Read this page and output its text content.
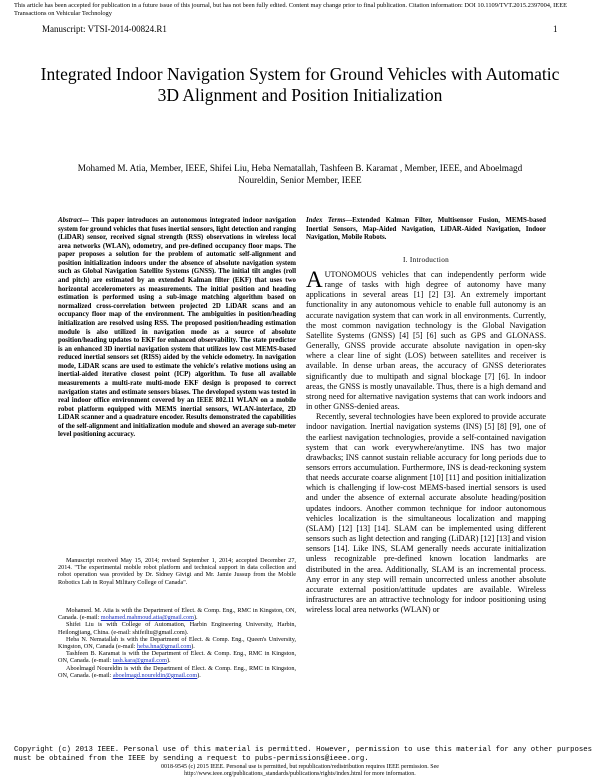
This article has been accepted for publication in a future issue of this journal, but has not been fully edited. Content may change prior to final publication. Citation information: DOI 10.1109/TVT.2015.2397004, IEEE Transactions on Vehicular Technology
Manuscript: VTSI-2014-00824.R1	1
Integrated Indoor Navigation System for Ground Vehicles with Automatic 3D Alignment and Position Initialization
Mohamed M. Atia, Member, IEEE, Shifei Liu, Heba Nematallah, Tashfeen B. Karamat , Member, IEEE, and Aboelmagd Noureldin, Senior Member, IEEE
Abstract— This paper introduces an autonomous integrated indoor navigation system for ground vehicles that fuses inertial sensors, light detection and ranging (LiDAR) sensor, received signal strength (RSS) observations in wireless local area networks (WLAN), odometry, and pre-defined occupancy floor maps. The paper proposes a solution for the problem of automatic self-alignment and position initialization indoors under the absence of absolute navigation system such as Global Navigation Satellite Systems (GNSS). The initial tilt angles (roll and pitch) are estimated by an extended Kalman filter (EKF) that uses two horizontal accelerometers as measurements. The initial position and heading estimation is performed using a sub-image matching algorithm based on normalized cross-correlation between projected 2D LiDAR scans and an occupancy floor map of the environment. The ambiguities in position/heading initialization are resolved using RSS. The proposed position/heading estimation module is also utilized in navigation mode as a source of absolute position/heading updates to EKF for enhanced observability. The state predictor is an enhanced 3D inertial navigation system that utilizes low cost MEMS-based reduced inertial sensors set (RISS) aided by the vehicle odometry. In navigation mode, LiDAR scans are used to estimate the vehicle's relative motions using an inertial-aided iterative closest point (ICP) algorithm. To fuse all available measurements a multi-rate multi-mode EKF design is proposed to correct navigation states and estimate sensors biases. The developed system was tested in real indoor office environment covered by an IEEE 802.11 WLAN on a mobile robot platform equipped with MEMS inertial sensors, WLAN-interface, 2D LiDAR scanner and a quadrature encoder. Results demonstrated the capabilities of the self-alignment and initialization module and showed an average sub-meter level positioning accuracy.

Manuscript received May 15, 2014; revised September 1, 2014; accepted December 27, 2014. "The experimental mobile robot platform and technical support in data collection and robot operation was provided by Dr. Sidney Givigi and Mr. Jamie Jussup from the Mobile Robotics Lab in Royal Military College of Canada".

Mohamed. M. Atia is with the Department of Elect. & Comp. Eng., RMC in Kingston, ON, Canada. (e-mail: mohamed.mahmoud.atia@gmail.com).

Shifei Liu is with College of Automation, Harbin Engineering University, Harbin, Heilongjiang, China. (e-mail: shifeiliu@gmail.com).

Heba N. Nematallah is with the Department of Elect. & Comp. Eng., Queen's University, Kingston, ON, Canada (e-mail: heba.hna@gmail.com).

Tashfeen B. Karamat is with the Department of Elect. & Comp. Eng., RMC in Kingston, ON, Canada. (e-mail: tash.kara@gmail.com).

Aboelmagd Noureldin is with the Department of Elect. & Comp. Eng., RMC in Kingston, ON, Canada. (e-mail: aboelmagd.noureldin@gmail.com).

Index Terms—Extended Kalman Filter, Multisensor Fusion, MEMS-based Inertial Sensors, Map-Aided Navigation, LiDAR-Aided Navigation, Indoor Navigation, Mobile Robots.
I. Introduction

AUTONOMOUS vehicles that can independently perform wide range of tasks with high degree of autonomy have many applications in several areas [1] [2] [3]. An extremely important functionality in any autonomous vehicle to enable full autonomy is an accurate navigation system that can work in all environments. Currently, the most common navigation technology is the Global Navigation Satellite Systems (GNSS) [4] [5] [6] such as GPS and GLONASS. Generally, GNSS provide accurate absolute navigation in open-sky where a clear line of sight (LOS) between satellites and receiver is available. In dense urban areas, the accuracy of GNSS deteriorates significantly due to multipath and signal blockage [7] [6]. In indoor areas, the GNSS is mostly unavailable. Thus, there is a high demand and strong need for alternative navigation systems that can work indoors and in other GNSS-denied areas.

Recently, several technologies have been explored to provide accurate indoor navigation. Inertial navigation systems (INS) [5] [8] [9], one of the earliest navigation technologies, provide a self-contained navigation system that can work everywhere/anytime. INS has two major drawbacks; INS cannot sustain reliable accuracy for long periods due to sensors errors accumulation. Furthermore, INS is dead-reckoning system that needs accurate coarse alignment [10] [11] and position initialization which is challenging if low-cost MEMS-based inertial sensors is used and under the absence of external accurate absolute heading/position updates indoors. Another common technique for indoor autonomous vehicles localization is the simultaneous localization and mapping (SLAM) [12] [13] [14]. SLAM can be implemented using different sensors such as light detection and ranging (LiDAR) [12] [13] and vision sensors [14]. Like INS, SLAM generally needs accurate initialization unless recognizable pre-defined known location landmarks are distributed in the area. Additionally, SLAM is an incremental process. Any error in any step will remain uncorrected unless another absolute accurate external position/attitude updates are available. Wireless infrastructures are an attractive technology for indoor positioning using wireless local area networks (WLAN) or

Copyright (c) 2013 IEEE. Personal use of this material is permitted. However, permission to use this material for any other purposes must be obtained from the IEEE by sending a request to pubs-permissions@ieee.org.
0018-9545 (c) 2015 IEEE. Personal use is permitted, but republication/redistribution requires IEEE permission. See
http://www.ieee.org/publications_standards/publications/rights/index.html for more information.
